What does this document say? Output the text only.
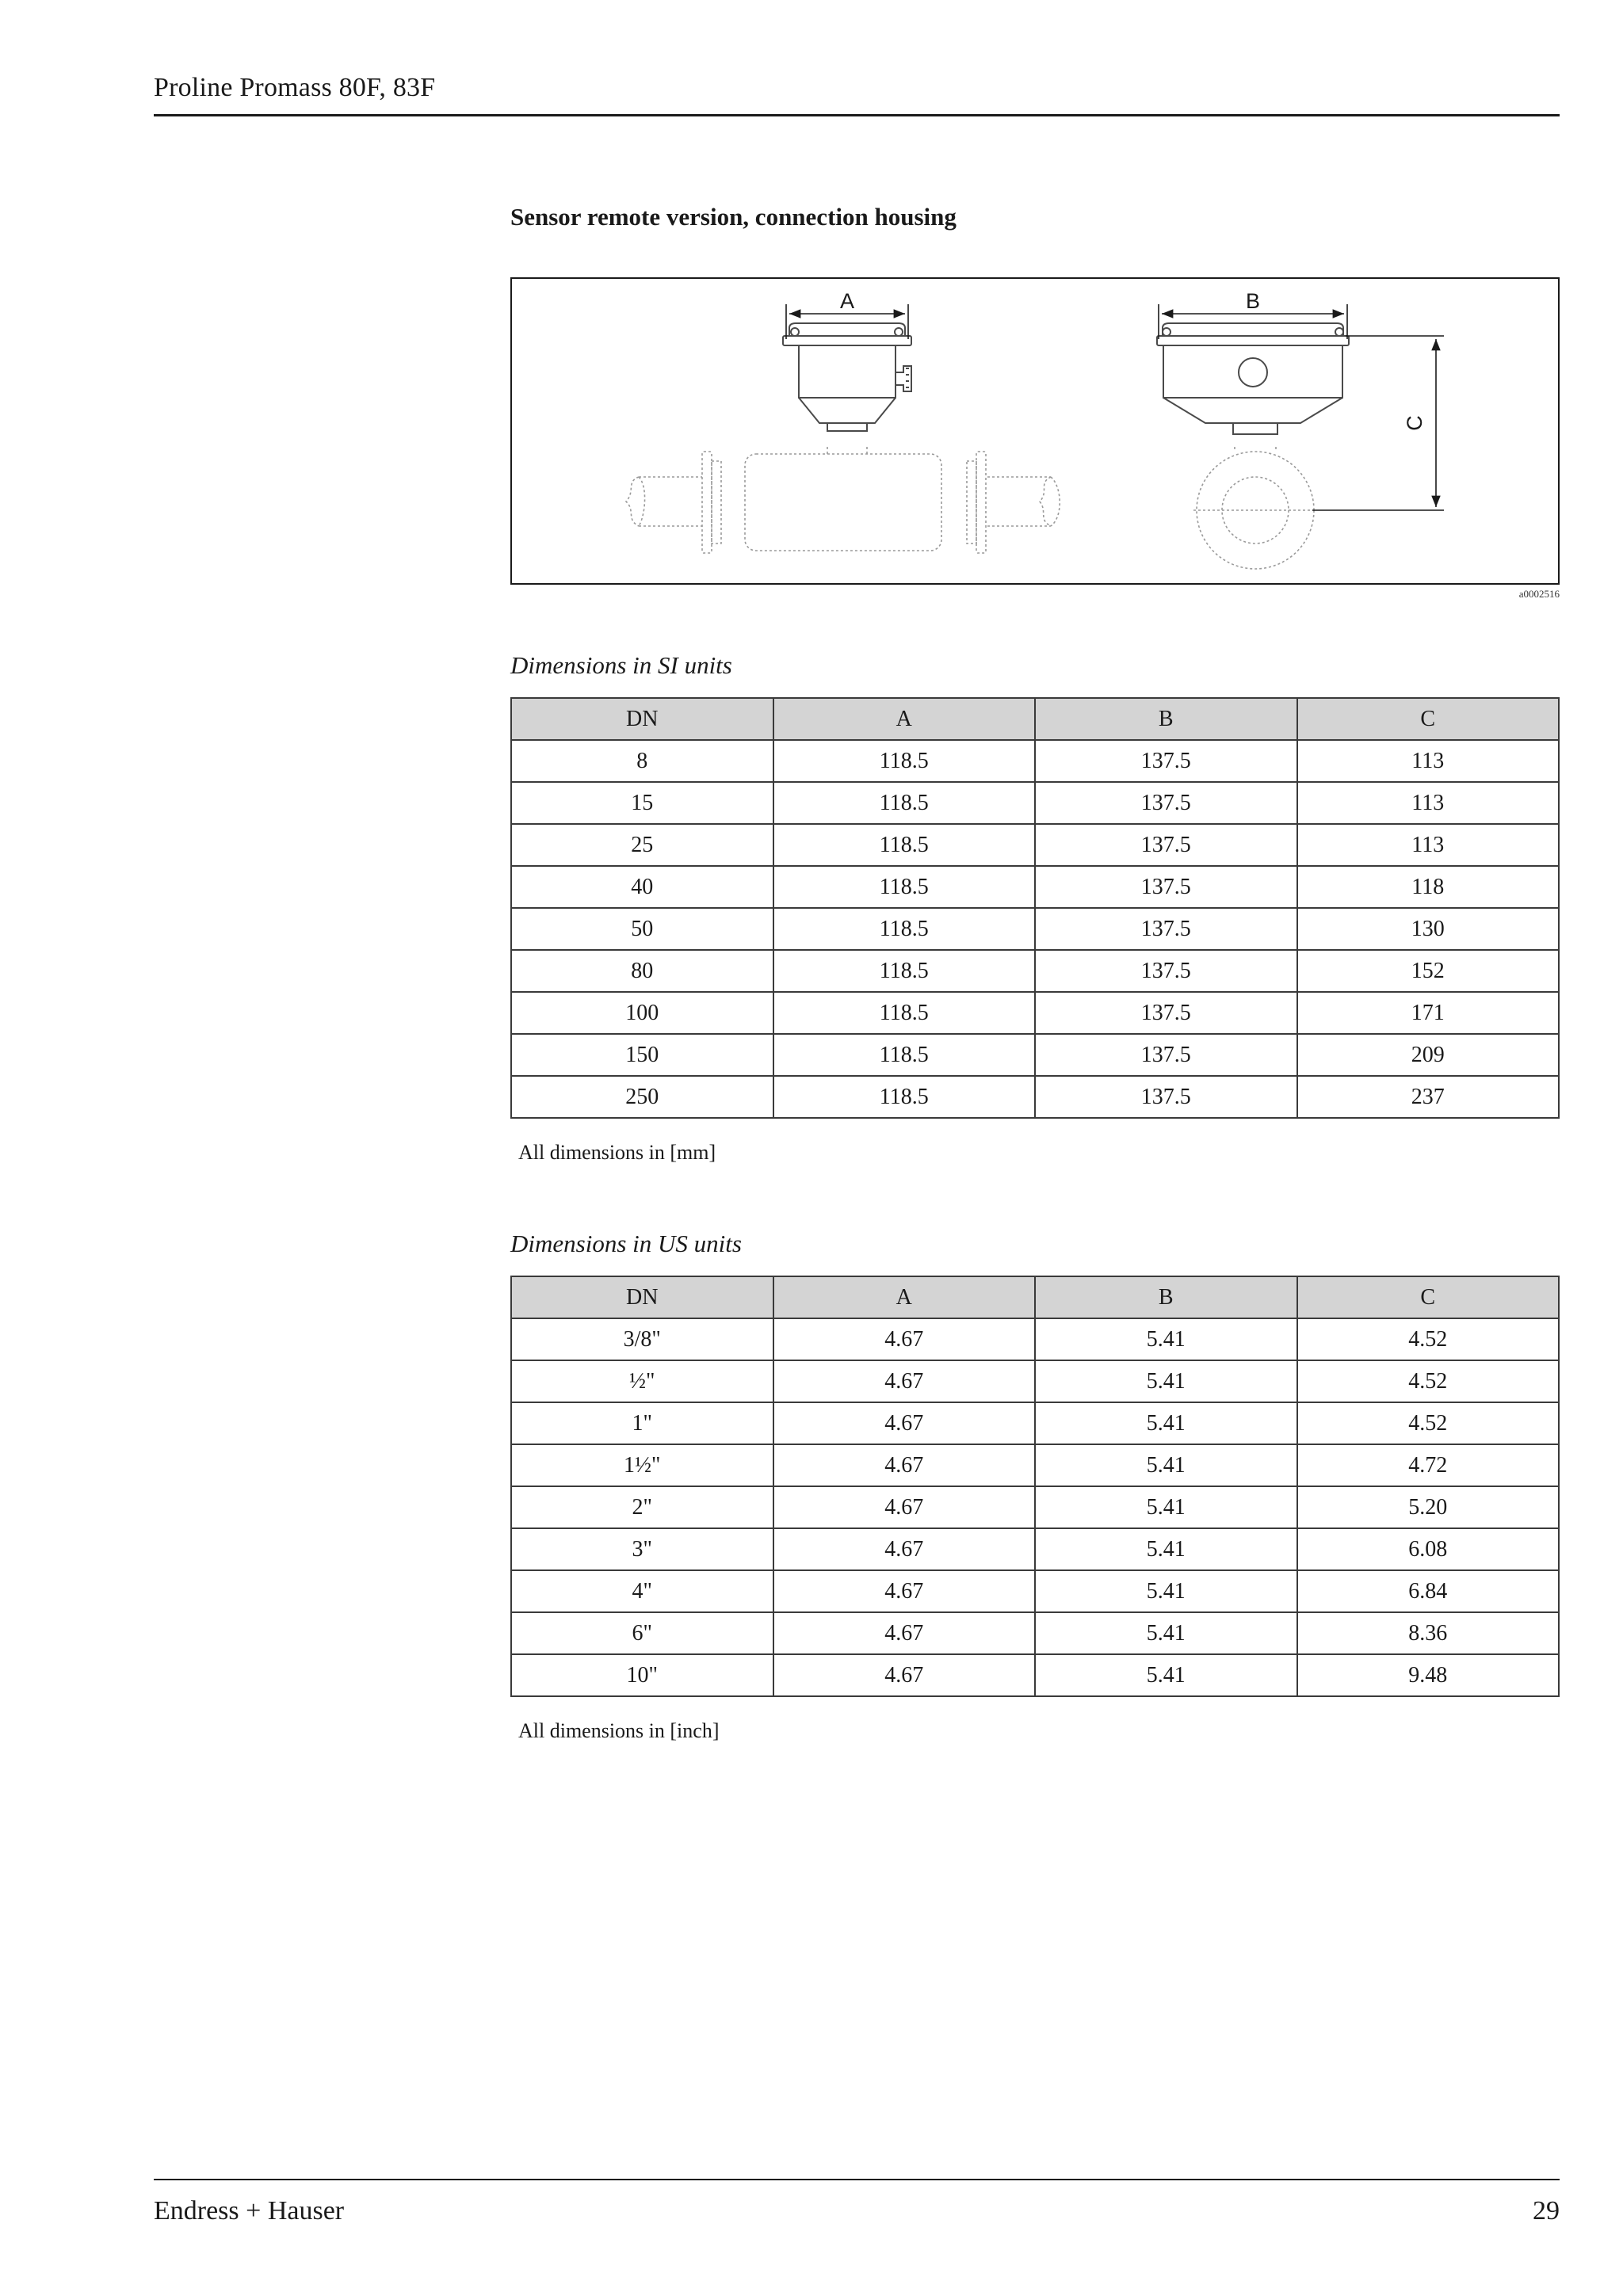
Proline Promass 80F, 83F
Sensor remote version, connection housing
A	B
C
a0002516
Dimensions in SI units
DN	A	B	C
8	118.5	137.5	113
15	118.5	137.5	113
25	118.5	137.5	113
40	118.5	137.5	118
50	118.5	137.5	130
80	118.5	137.5	152
100	118.5	137.5	171
150	118.5	137.5	209
250	118.5	137.5	237
All dimensions in [mm]
Dimensions in US units
DN	A	B	C
3/8"	4.67	5.41	4.52
½"	4.67	5.41	4.52
1"	4.67	5.41	4.52
1½"	4.67	5.41	4.72
2"	4.67	5.41	5.20
3"	4.67	5.41	6.08
4"	4.67	5.41	6.84
6"	4.67	5.41	8.36
10"	4.67	5.41	9.48
All dimensions in [inch]
Endress + Hauser	29
